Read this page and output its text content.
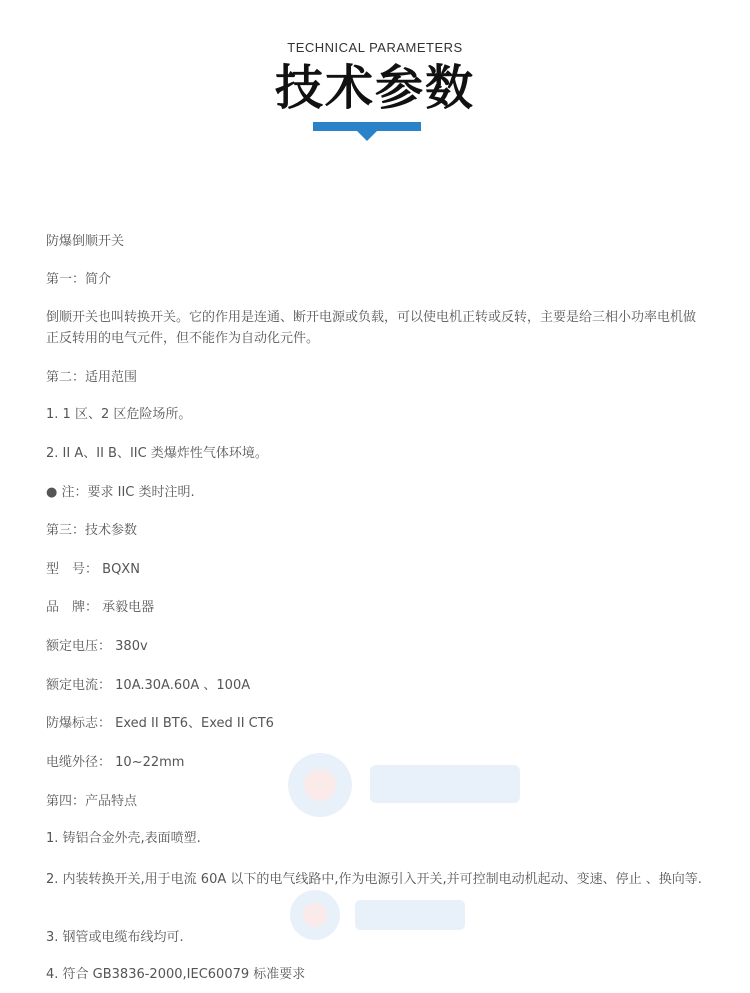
TECHNICAL PARAMETERS
技术参数
防爆倒顺开关
第一：简介
倒顺开关也叫转换开关。它的作用是连通、断开电源或负载，可以使电机正转或反转，主要是给三相小功率电机做正反转用的电气元件，但不能作为自动化元件。
第二：适用范围
1. 1 区、2 区危险场所。
2. II A、II B、IIC 类爆炸性气体环境。
● 注：要求 IIC 类时注明.
第三：技术参数
型　号： BQXN
品　牌： 承毅电器
额定电压： 380v
额定电流： 10A.30A.60A 、100A
防爆标志： Exed II BT6、Exed II CT6
电缆外径： 10~22mm
第四：产品特点
1. 铸铝合金外壳,表面喷塑.
2. 内装转换开关,用于电流 60A 以下的电气线路中,作为电源引入开关,并可控制电动机起动、变速、停止 、换向等.
3. 钢管或电缆布线均可.
4. 符合 GB3836-2000,IEC60079 标准要求
